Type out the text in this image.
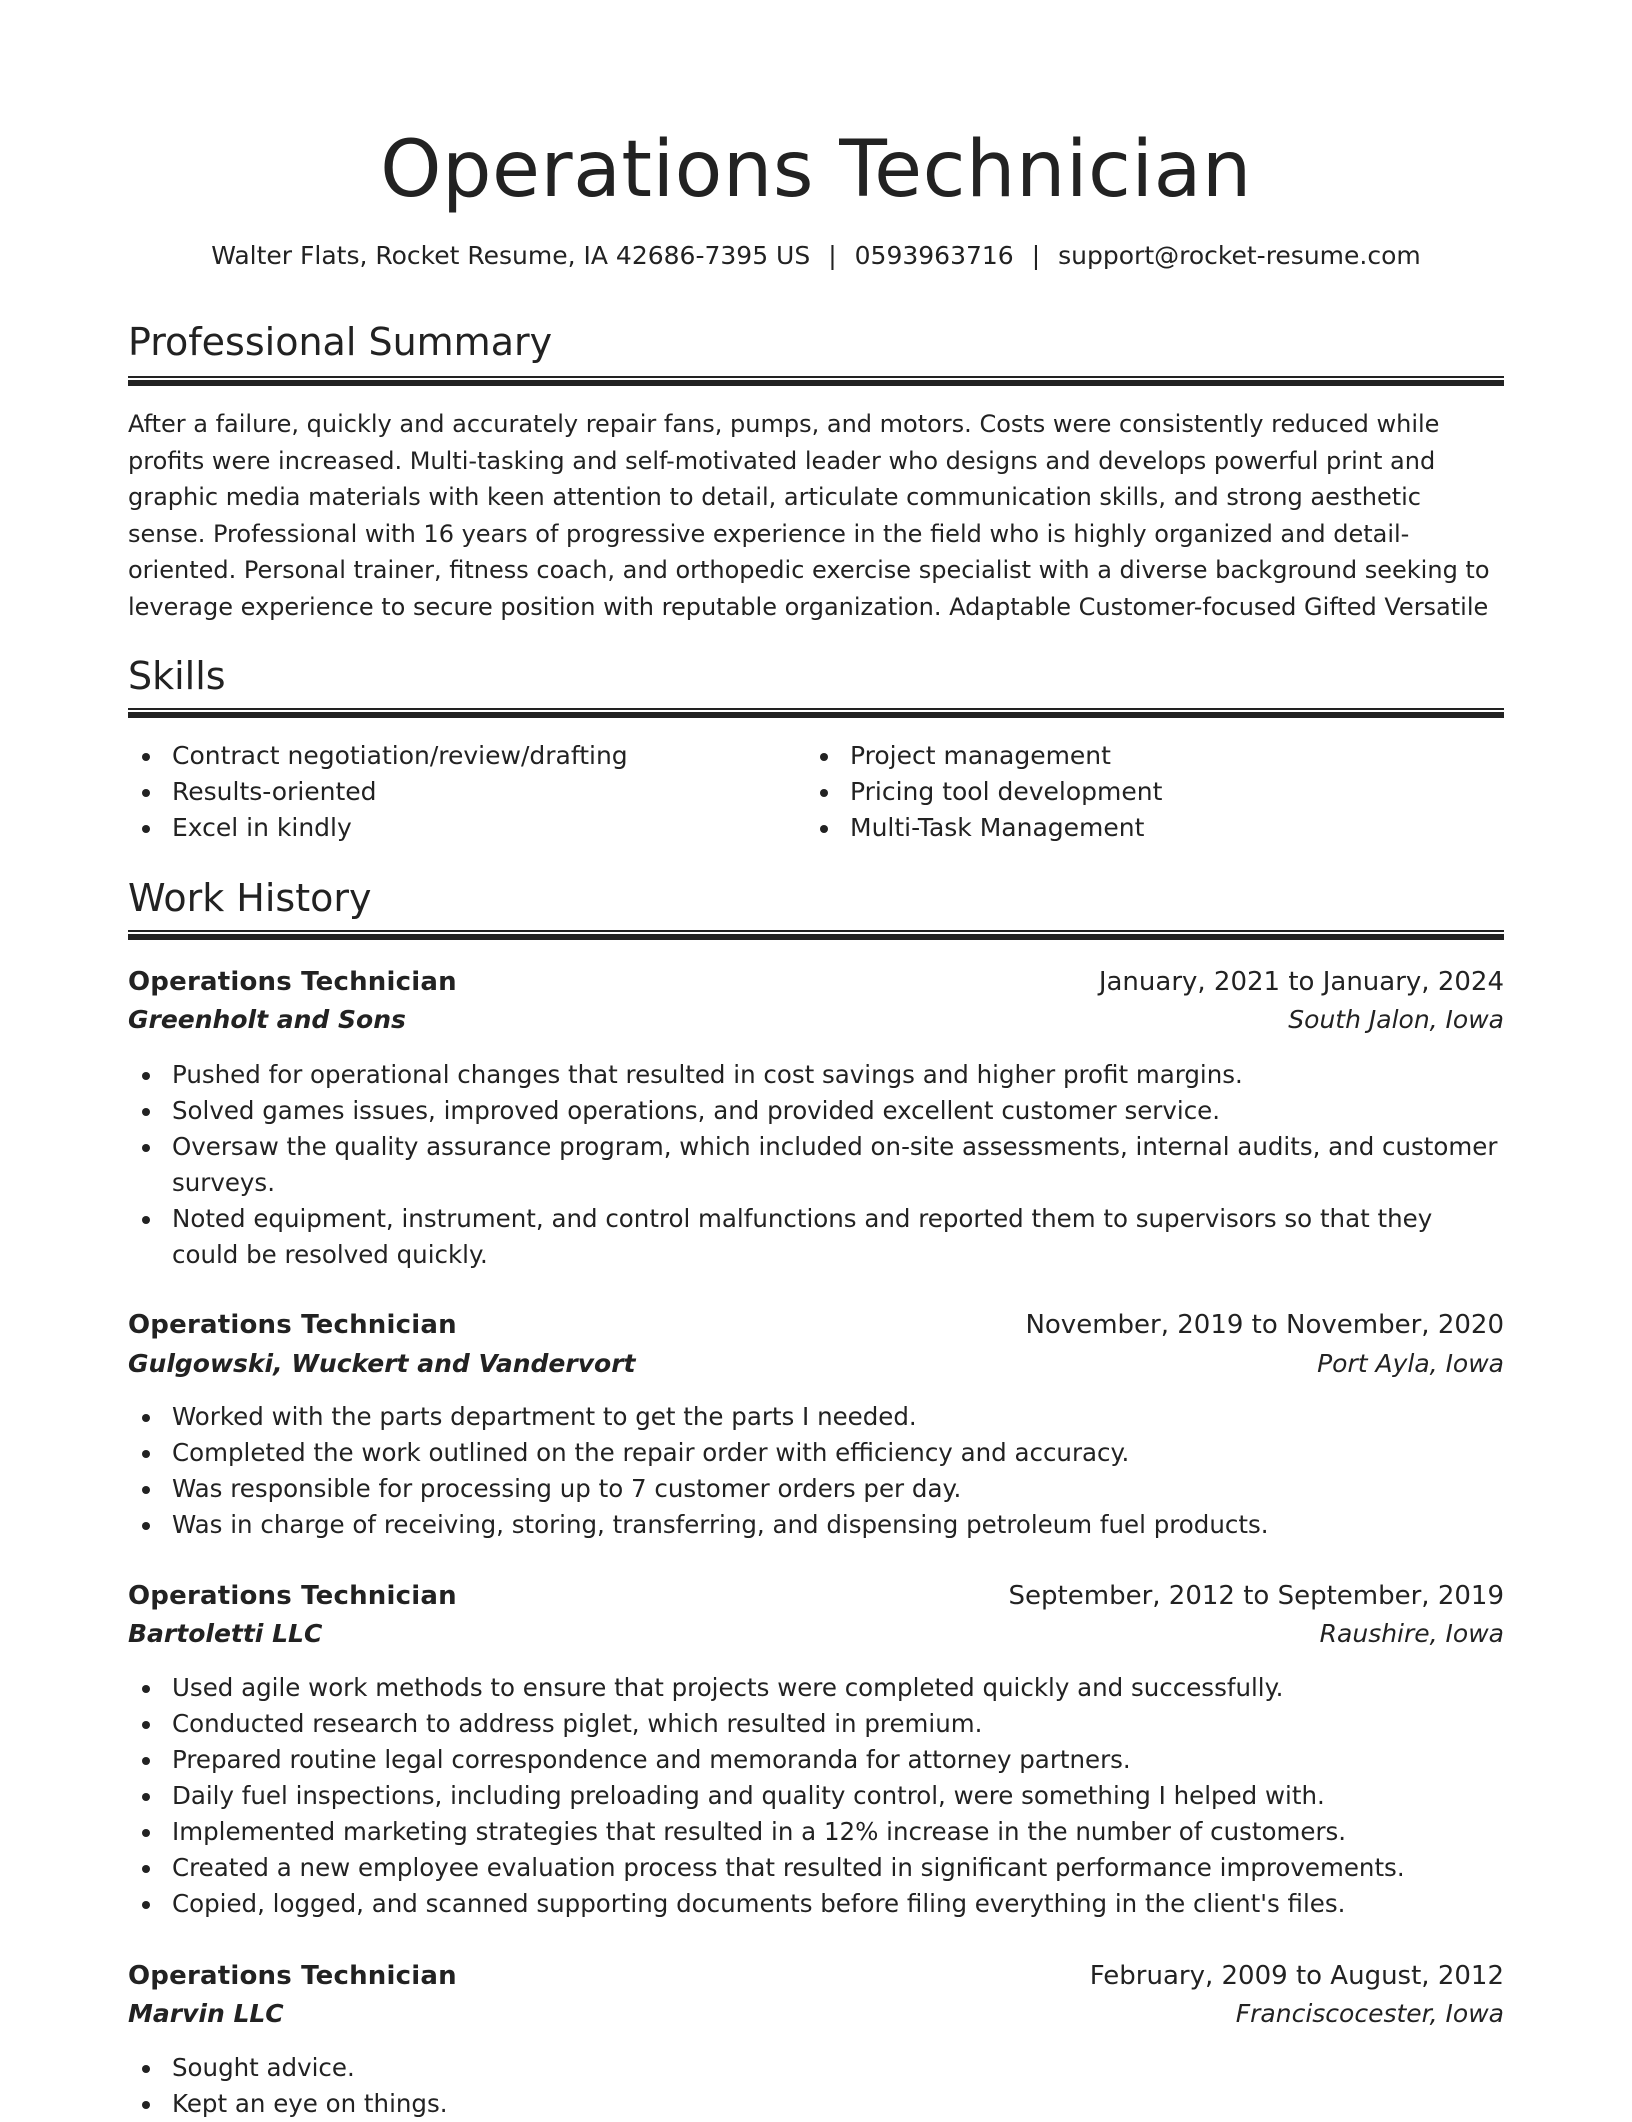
Operations Technician
Walter Flats, Rocket Resume, IA 42686-7395 US | 0593963716 | support@rocket-resume.com
Professional Summary

After a failure, quickly and accurately repair fans, pumps, and motors. Costs were consistently reduced while profits were increased. Multi-tasking and self-motivated leader who designs and develops powerful print and graphic media materials with keen attention to detail, articulate communication skills, and strong aesthetic sense. Professional with 16 years of progressive experience in the field who is highly organized and detail-oriented. Personal trainer, fitness coach, and orthopedic exercise specialist with a diverse background seeking to leverage experience to secure position with reputable organization. Adaptable Customer-focused Gifted Versatile

Skills
Contract negotiation/review/drafting
Results-oriented
Excel in kindly
Project management
Pricing tool development
Multi-Task Management
Work History
Operations Technician	January, 2021 to January, 2024
Greenholt and Sons	South Jalon, Iowa
Pushed for operational changes that resulted in cost savings and higher profit margins.
Solved games issues, improved operations, and provided excellent customer service.
Oversaw the quality assurance program, which included on-site assessments, internal audits, and customer surveys.
Noted equipment, instrument, and control malfunctions and reported them to supervisors so that they could be resolved quickly.
Operations Technician	November, 2019 to November, 2020
Gulgowski, Wuckert and Vandervort	Port Ayla, Iowa
Worked with the parts department to get the parts I needed.
Completed the work outlined on the repair order with efficiency and accuracy.
Was responsible for processing up to 7 customer orders per day.
Was in charge of receiving, storing, transferring, and dispensing petroleum fuel products.
Operations Technician	September, 2012 to September, 2019
Bartoletti LLC	Raushire, Iowa
Used agile work methods to ensure that projects were completed quickly and successfully.
Conducted research to address piglet, which resulted in premium.
Prepared routine legal correspondence and memoranda for attorney partners.
Daily fuel inspections, including preloading and quality control, were something I helped with.
Implemented marketing strategies that resulted in a 12% increase in the number of customers.
Created a new employee evaluation process that resulted in significant performance improvements.
Copied, logged, and scanned supporting documents before filing everything in the client's files.
Operations Technician	February, 2009 to August, 2012
Marvin LLC	Franciscocester, Iowa
Sought advice.
Kept an eye on things.
